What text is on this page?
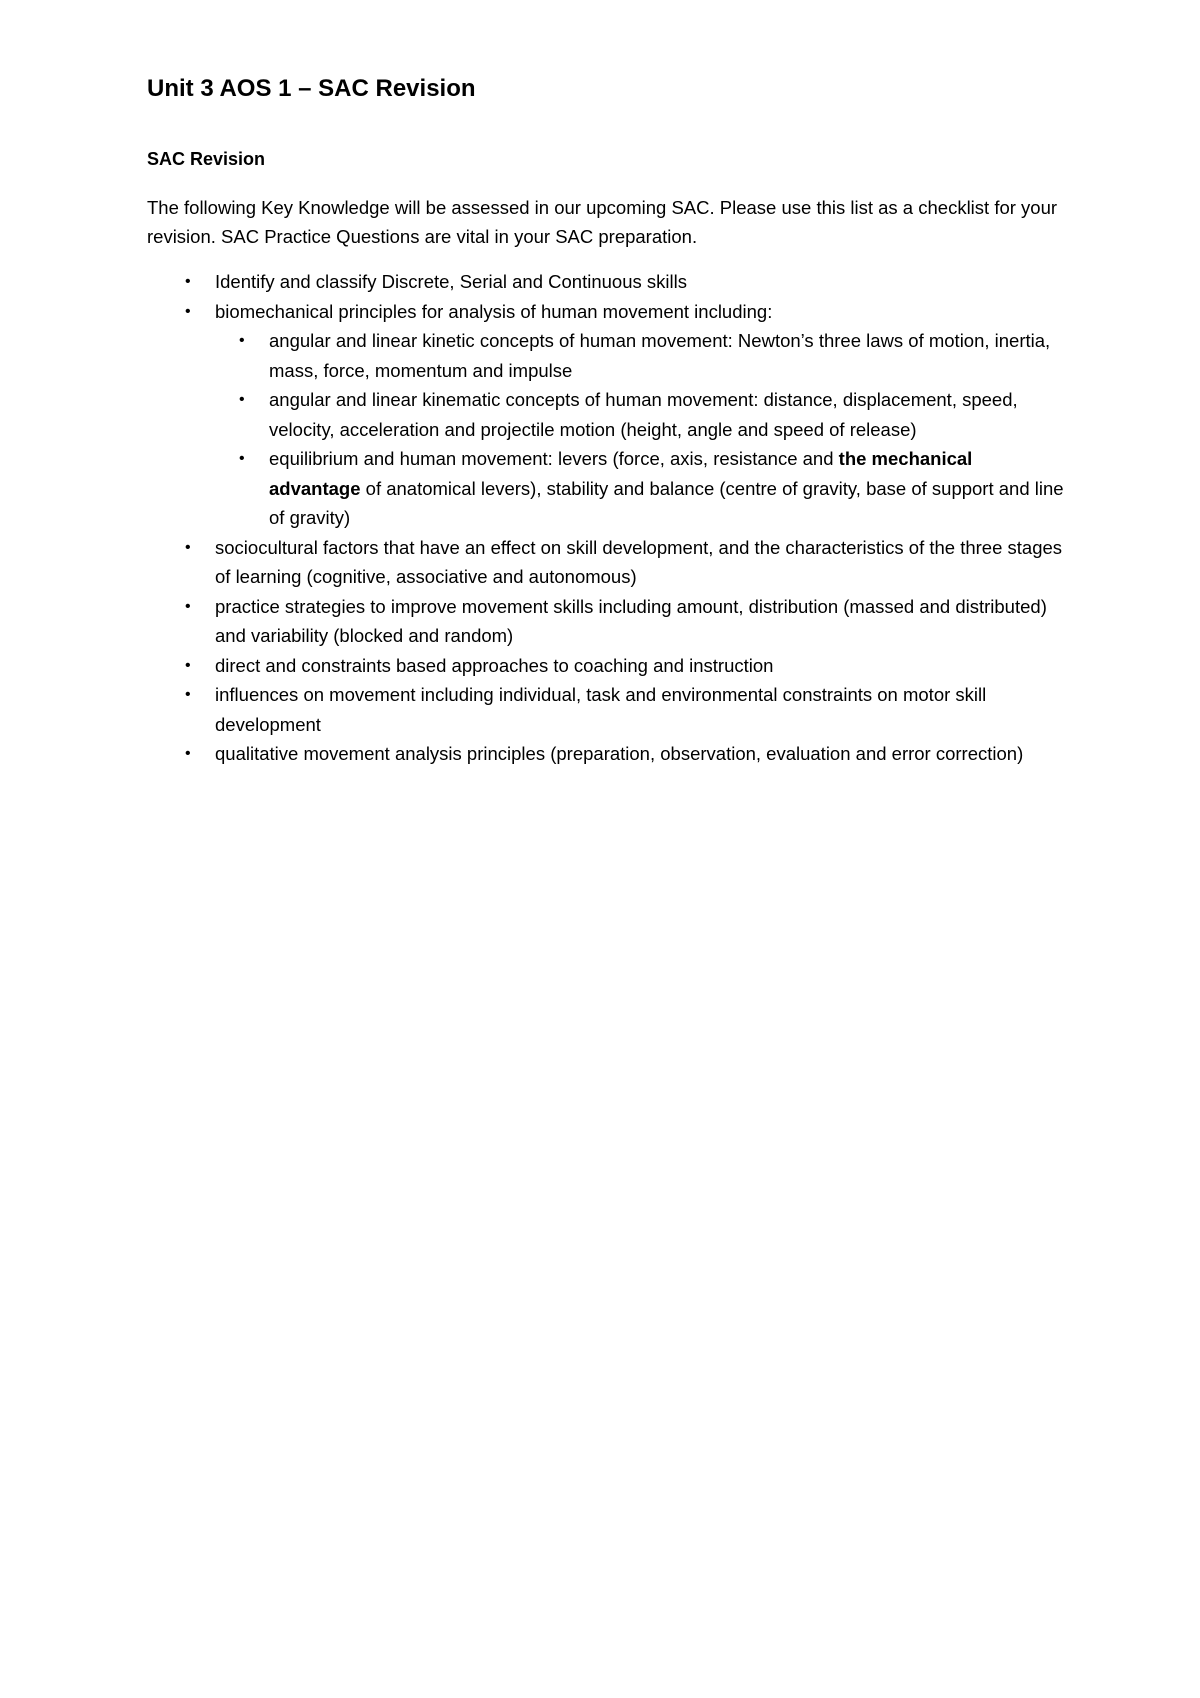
Unit 3 AOS 1 – SAC Revision
SAC Revision

The following Key Knowledge will be assessed in our upcoming SAC. Please use this list as a checklist for your revision. SAC Practice Questions are vital in your SAC preparation.

• Identify and classify Discrete, Serial and Continuous skills
• biomechanical principles for analysis of human movement including:
• angular and linear kinetic concepts of human movement: Newton’s three laws of motion, inertia, mass, force, momentum and impulse
• angular and linear kinematic concepts of human movement: distance, displacement, speed, velocity, acceleration and projectile motion (height, angle and speed of release)
• equilibrium and human movement: levers (force, axis, resistance and the mechanical advantage of anatomical levers), stability and balance (centre of gravity, base of support and line of gravity)
• sociocultural factors that have an effect on skill development, and the characteristics of the three stages of learning (cognitive, associative and autonomous)
• practice strategies to improve movement skills including amount, distribution (massed and distributed) and variability (blocked and random)
• direct and constraints based approaches to coaching and instruction
• influences on movement including individual, task and environmental constraints on motor skill development
• qualitative movement analysis principles (preparation, observation, evaluation and error correction)
